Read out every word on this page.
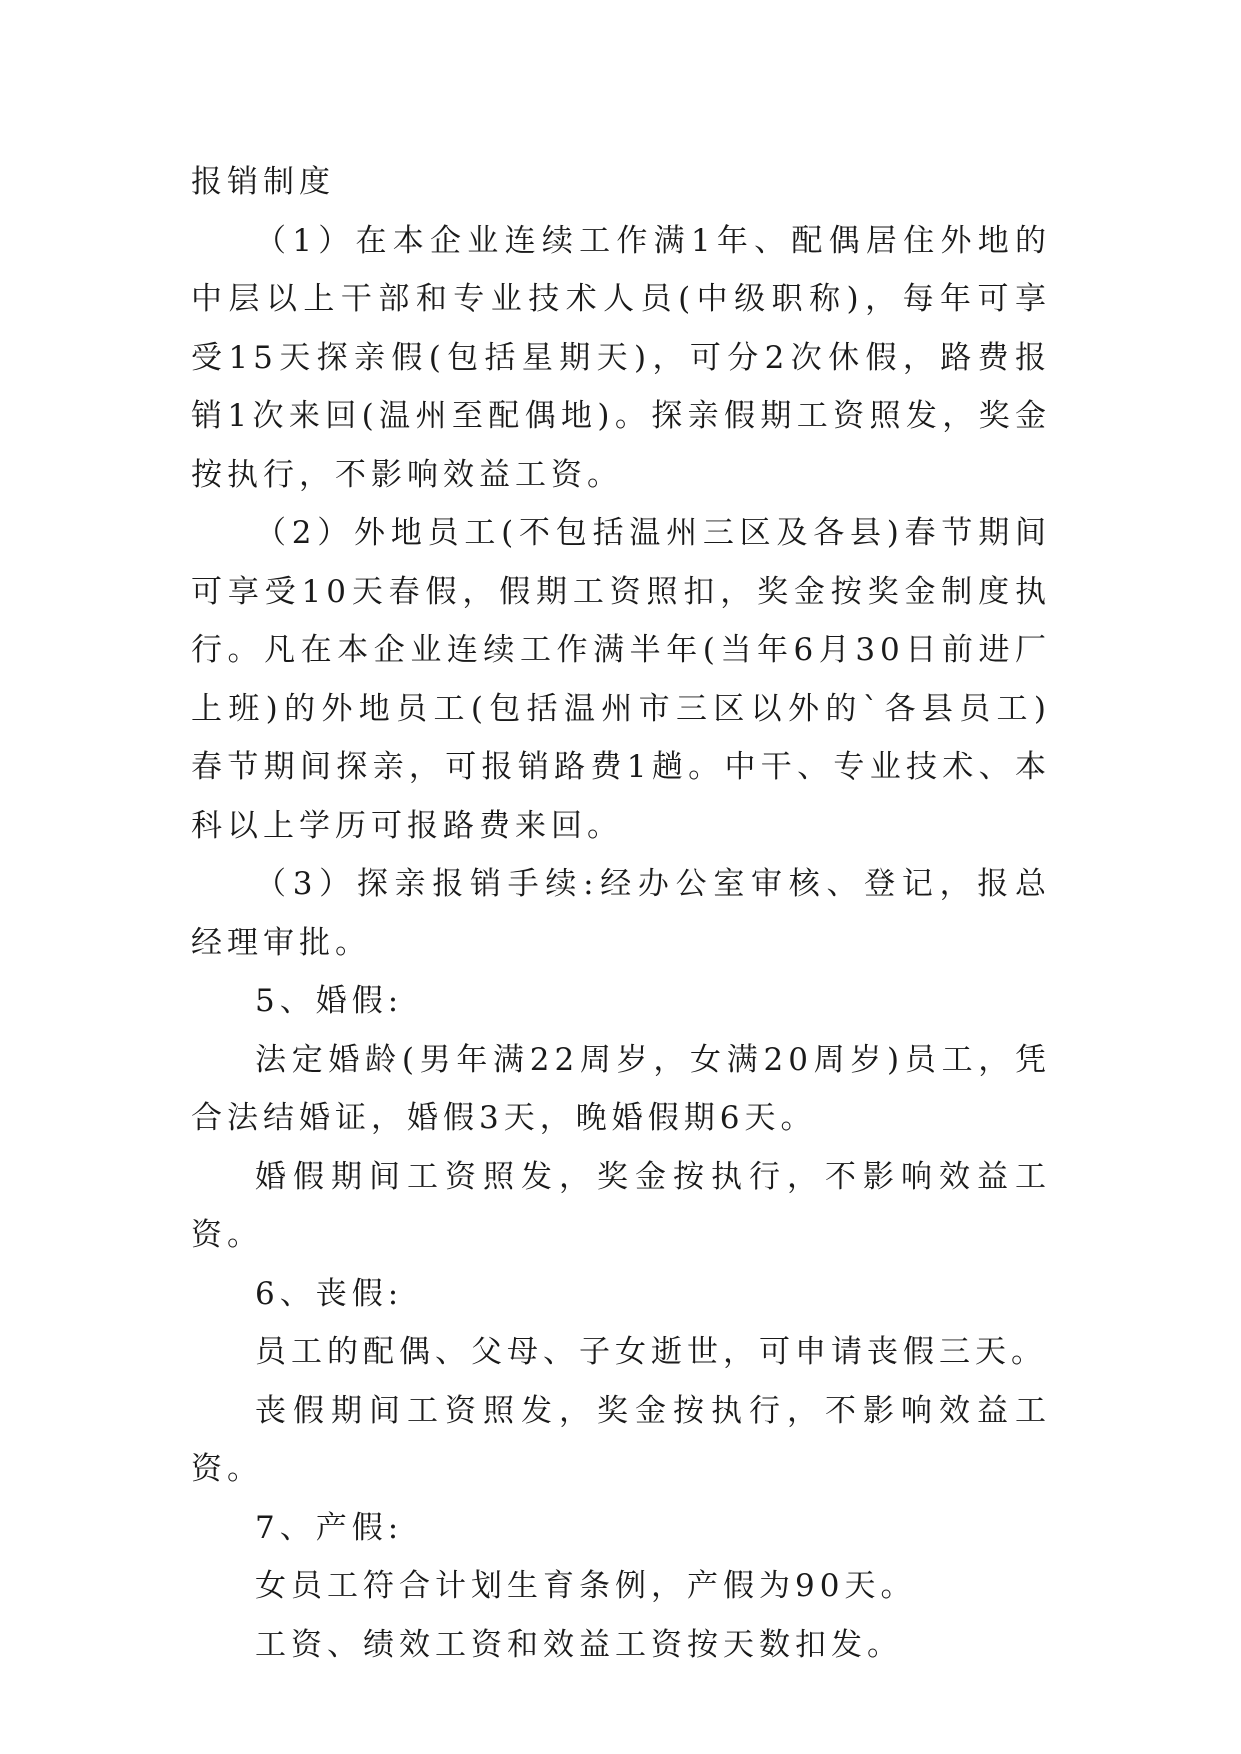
报销制度

（1）在本企业连续工作满1年、配偶居住外地的中层以上干部和专业技术人员(中级职称)，每年可享受15天探亲假(包括星期天)，可分2次休假，路费报销1次来回(温州至配偶地)。探亲假期工资照发，奖金按执行，不影响效益工资。

（2）外地员工(不包括温州三区及各县)春节期间可享受10天春假，假期工资照扣，奖金按奖金制度执行。凡在本企业连续工作满半年(当年6月30日前进厂上班)的外地员工(包括温州市三区以外的`各县员工)春节期间探亲，可报销路费1趟。中干、专业技术、本科以上学历可报路费来回。

（3）探亲报销手续:经办公室审核、登记，报总经理审批。

5、婚假:

法定婚龄(男年满22周岁，女满20周岁)员工，凭合法结婚证，婚假3天，晚婚假期6天。

婚假期间工资照发，奖金按执行，不影响效益工资。

6、丧假:

员工的配偶、父母、子女逝世，可申请丧假三天。

丧假期间工资照发，奖金按执行，不影响效益工资。

7、产假:

女员工符合计划生育条例，产假为90天。

工资、绩效工资和效益工资按天数扣发。
